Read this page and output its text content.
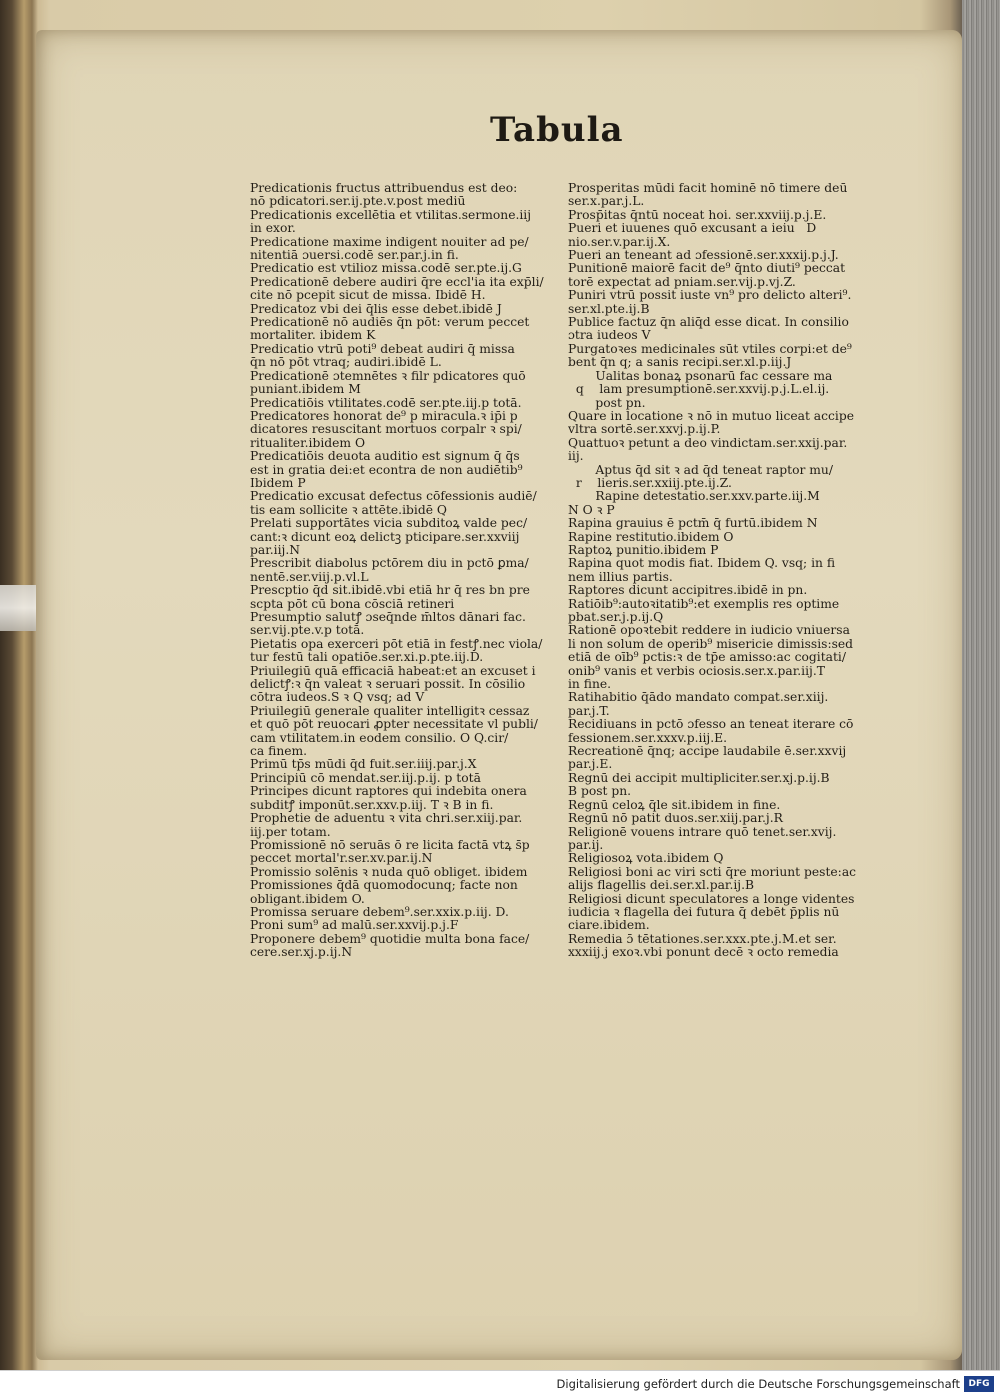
Tabula
Predicationis fructus attribuendus est deo:
nō pdicatori.ser.ij.pte.v.post mediū
Predicationis excellētia et vtilitas.sermone.iij
in exor.
Predicatione maxime indigent nouiter ad pe/
nitentiā ɔuersi.codē ser.par.j.in fi.
Predicatio est vtilioz missa.codē ser.pte.ij.G
Predicationē debere audiri q̄re eccl'ia ita exp̄li/
cite nō pcepit sicut de missa. Ibidē H.
Predicatoz vbi dei q̄lis esse debet.ibidē J
Predicationē nō audiēs q̄n pōt: verum peccet
mortaliter. ibidem K
Predicatio vtrū poti⁹ debeat audiri q̄ missa
q̄n nō pōt vtraq; audiri.ibidē L.
Predicationē ɔtemnētes ꝛ filr pdicatores quō
puniant.ibidem M
Predicatiōis vtilitates.codē ser.pte.iij.p totā.
Predicatores honorat de⁹ p miracula.ꝛ ip̄i p
dicatores resuscitant mortuos corpalr ꝛ spi/
ritualiter.ibidem O
Predicatiōis deuota auditio est signum q̄ q̄s
est in gratia dei:et econtra de non audiētib⁹
Ibidem P
Predicatio excusat defectus cōfessionis audiē/
tis eam sollicite ꝛ attēte.ibidē Q
Prelati supportātes vicia subditoꝝ valde pec/
cant:ꝛ dicunt eoꝝ delictꝫ pticipare.ser.xxviij
par.iij.N
Prescribit diabolus pctōrem diu in pctō ꝑma/
nentē.ser.viij.p.vl.L
Prescptio q̄d sit.ibidē.vbi etiā h̄r q̄ res b̄n pre
scpta pōt cū bona cōsciā retineri
Presumptio salutꝭ ɔseq̄nde m̄ltos dānari fac.
ser.vij.pte.v.p totā.
Pietatis opa exerceri pōt etiā in festꝭ.nec viola/
tur festū tali opatiōe.ser.xi.p.pte.iij.D.
Priuilegiū quā efficaciā habeat:et an excuset i
delictꝭ:ꝛ q̄n valeat ꝛ seruari possit. In cōsilio
cōtra iudeos.S ꝛ Q vsq; ad V
Priuilegiū generale qualiter intelligit̄ꝛ cessaz
et quō pōt reuocari ꝓpter necessitate vl publi/
cam vtilitatem.in eodem consilio. O Q.cir/
ca finem.
Primū tp̄s mūdi q̄d fuit.ser.iiij.par.j.X
Principiū cō mendat̄.ser.iij.p.ij. p totā
Principes dicunt̄ raptores qui indebita onera
subditꝭ imponūt.ser.xxv.p.iij. T ꝛ B in fi.
Prophetie de aduentu ꝛ vita chri.ser.xiij.par.
iij.per totam.
Promissionē nō seruās ō re licita factā vtꝝ s̄p
peccet mortal'r.ser.xv.par.ij.N
Promissio solēnis ꝛ nuda quō obliget. ibidem
Promissiones q̄dā quomodocunq; facte non
obligant.ibidem O.
Promissa seruare debem⁹.ser.xxix.p.iij. D.
Proni sum⁹ ad malū.ser.xxvij.p.j.F
Proponere debem⁹ quotidie multa bona face/
cere.ser.xj.p.ij.N
Prosperitas mūdi facit hominē nō timere deū
ser.x.par.j.L.
Prosp̄itas q̄ntū noceat hoi. ser.xxviij.p.j.E.
Pueri et iuuenes quō excusant a ieiu   D
nio.ser.v.par.ij.X.
Pueri an teneant ad ɔfessionē.ser.xxxij.p.j.J.
Punitionē maiorē facit de⁹ q̄nto diuti⁹ peccat
torē expectat ad pniam.ser.vij.p.vj.Z.
Puniri vtrū possit iuste vn⁹ pro delicto alteri⁹.
ser.xl.pte.ij.B
Publice factuz q̄n aliq̄d esse dicat̄. In consilio
ɔtra iudeos V
Purgatoꝛes medicinales sūt vtiles corpi:et de⁹
bent q̄n q; a sanis recipi.ser.xl.p.iij.J
Ualitas bonaꝝ psonarū fac cessare ma
q    lam presumptionē.ser.xxvij.p.j.L.el.ij.
post pn.
Quare in locatione ꝛ nō in mutuo liceat accipe
vltra sortē.ser.xxvj.p.ij.P.
Quattuoꝛ petunt a deo vindictam.ser.xxij.par.
iij.
Aptus q̄d sit ꝛ ad q̄d teneat̄ raptor mu/
r    lieris.ser.xxiij.pte.ij.Z.
Rapine detestatio.ser.xxv.parte.iij.M
N O ꝛ P
Rapina grauius ē pctm̄ q̄ furtū.ibidem N
Rapine restitutio.ibidem O
Raptoꝝ punitio.ibidem P
Rapina quot modis fiat. Ibidem Q. vsq; in fi
nem illius partis.
Raptores dicunt̄ accipitres.ibidē in pn.
Ratiōib⁹:autoꝛitatib⁹:et exemplis res optime
pbat̄.ser.j.p.ij.Q
Rationē opoꝛtebit reddere in iudicio vniuersa
li non solum de operib⁹ misericie dimissis:sed
etiā de oīb⁹ pctis:ꝛ de tp̄e amisso:ac cogitati/
onib⁹ vanis et verbis ociosis.ser.x.par.iij.T
in fine.
Ratihabitio q̄ādo mandato compat̄.ser.xiij.
par.j.T.
Recidiuans in pctō ɔfesso an teneat iterare cō
fessionem.ser.xxxv.p.iij.E.
Recreationē q̄nq; accipe laudabile ē.ser.xxvij
par.j.E.
Regnū dei accipit̄ multipliciter.ser.xj.p.ij.B
B post pn.
Regnū celoꝝ q̄le sit.ibidem in fine.
Regnū nō patit̄ duos.ser.xiij.par.j.R
Religionē vouens intrare quō tenet.ser.xvij.
par.ij.
Religiosoꝝ vota.ibidem Q
Religiosi boni ac viri scti q̄re moriunt̄ peste:ac
alijs flagellis dei.ser.xl.par.ij.B
Religiosi dicunt̄ speculatores a longe videntes
iudicia ꝛ flagella dei futura q̄ debēt p̄plis nū
ciare.ibidem.
Remedia ɔ̄ tētationes.ser.xxx.pte.j.M.et ser.
xxxiij.j exoꝛ.vbi ponunt̄ decē ꝛ octo remedia
Digitalisierung gefördert durch die Deutsche Forschungsgemeinschaft DFG
